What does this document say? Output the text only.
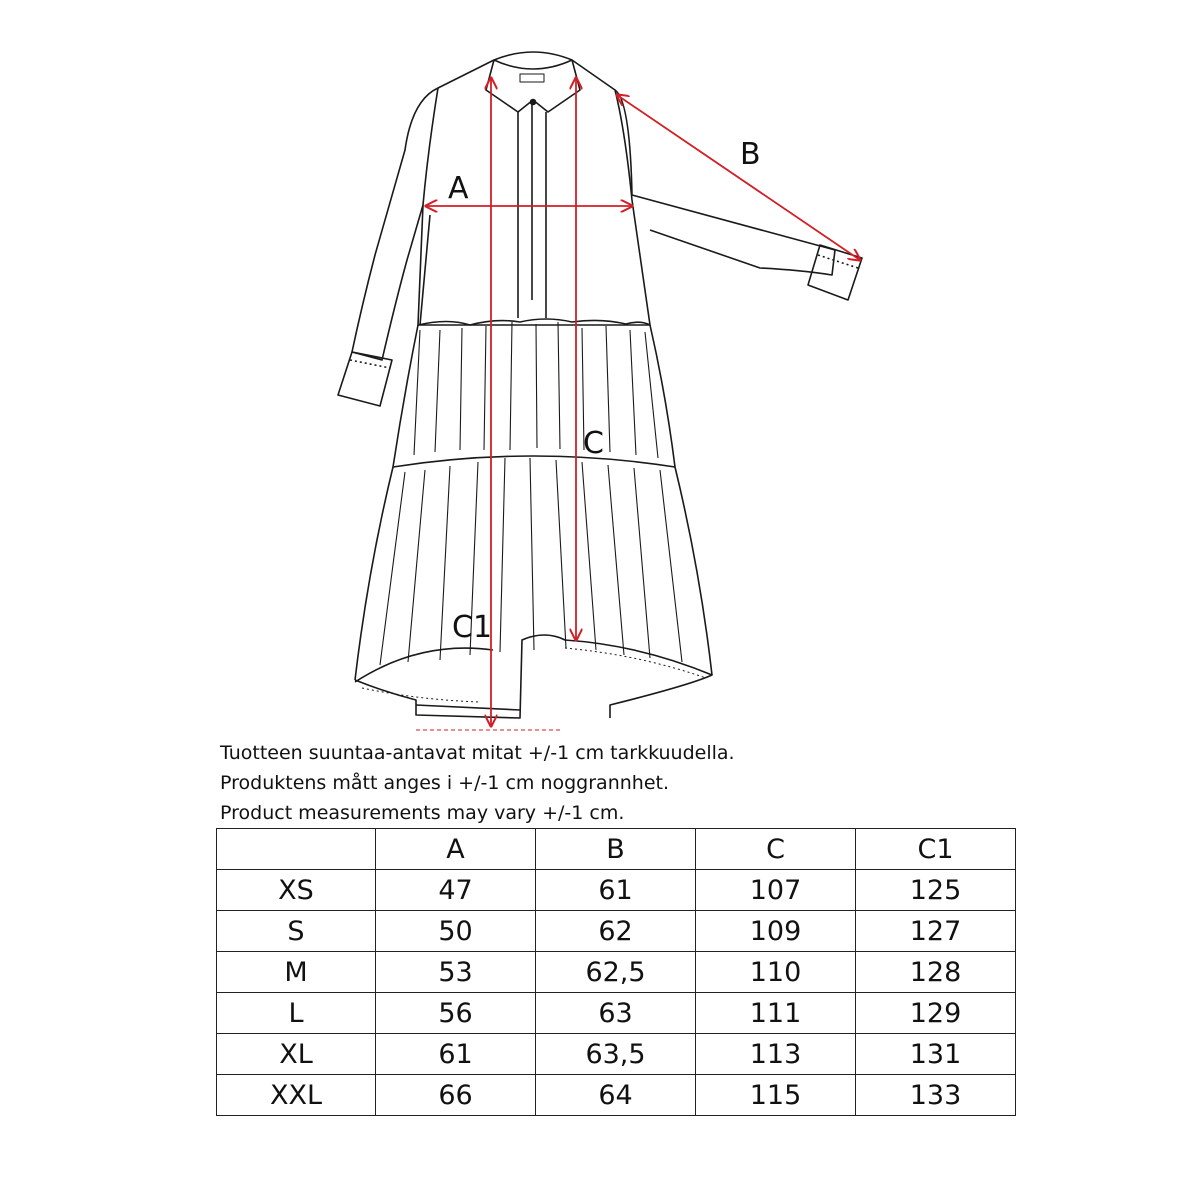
A
B
C
C1
Tuotteen suuntaa-antavat mitat +/-1 cm tarkkuudella.
Produktens mått anges i +/-1 cm noggrannhet.
Product measurements may vary +/-1 cm.
	A	B	C	C1
XS	47	61	107	125
S	50	62	109	127
M	53	62,5	110	128
L	56	63	111	129
XL	61	63,5	113	131
XXL	66	64	115	133
